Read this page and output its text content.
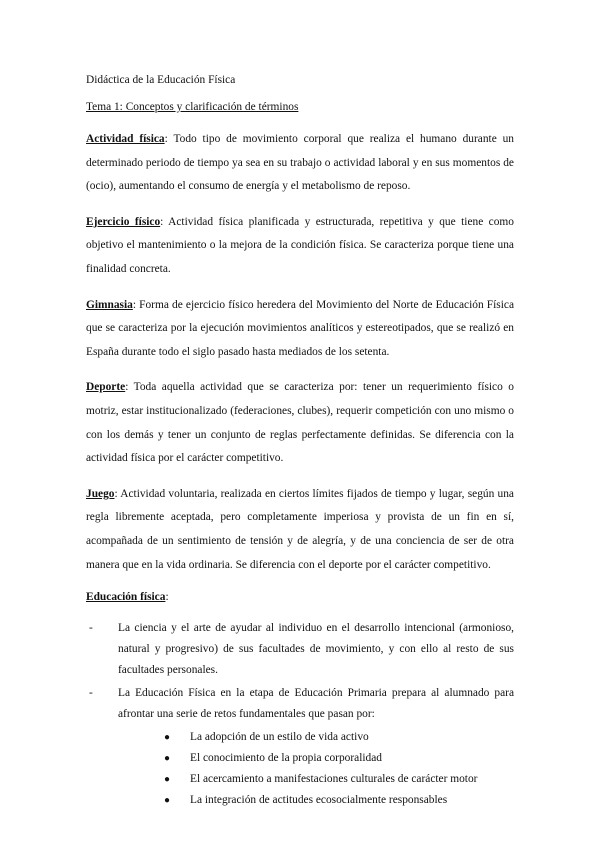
Didáctica de la Educación Física
Tema 1: Conceptos y clarificación de términos

Actividad física: Todo tipo de movimiento corporal que realiza el humano durante un determinado periodo de tiempo ya sea en su trabajo o actividad laboral y en sus momentos de (ocio), aumentando el consumo de energía y el metabolismo de reposo.

Ejercicio físico: Actividad física planificada y estructurada, repetitiva y que tiene como objetivo el mantenimiento o la mejora de la condición física. Se caracteriza porque tiene una finalidad concreta.

Gimnasia: Forma de ejercicio físico heredera del Movimiento del Norte de Educación Física que se caracteriza por la ejecución movimientos analíticos y estereotipados, que se realizó en España durante todo el siglo pasado hasta mediados de los setenta.

Deporte: Toda aquella actividad que se caracteriza por: tener un requerimiento físico o motriz, estar institucionalizado (federaciones, clubes), requerir competición con uno mismo o con los demás y tener un conjunto de reglas perfectamente definidas. Se diferencia con la actividad física por el carácter competitivo.

Juego: Actividad voluntaria, realizada en ciertos límites fijados de tiempo y lugar, según una regla libremente aceptada, pero completamente imperiosa y provista de un fin en sí, acompañada de un sentimiento de tensión y de alegría, y de una conciencia de ser de otra manera que en la vida ordinaria. Se diferencia con el deporte por el carácter competitivo.

Educación física:
- La ciencia y el arte de ayudar al individuo en el desarrollo intencional (armonioso, natural y progresivo) de sus facultades de movimiento, y con ello al resto de sus facultades personales.
- La Educación Física en la etapa de Educación Primaria prepara al alumnado para afrontar una serie de retos fundamentales que pasan por:
● La adopción de un estilo de vida activo
● El conocimiento de la propia corporalidad
● El acercamiento a manifestaciones culturales de carácter motor
● La integración de actitudes ecosocialmente responsables
